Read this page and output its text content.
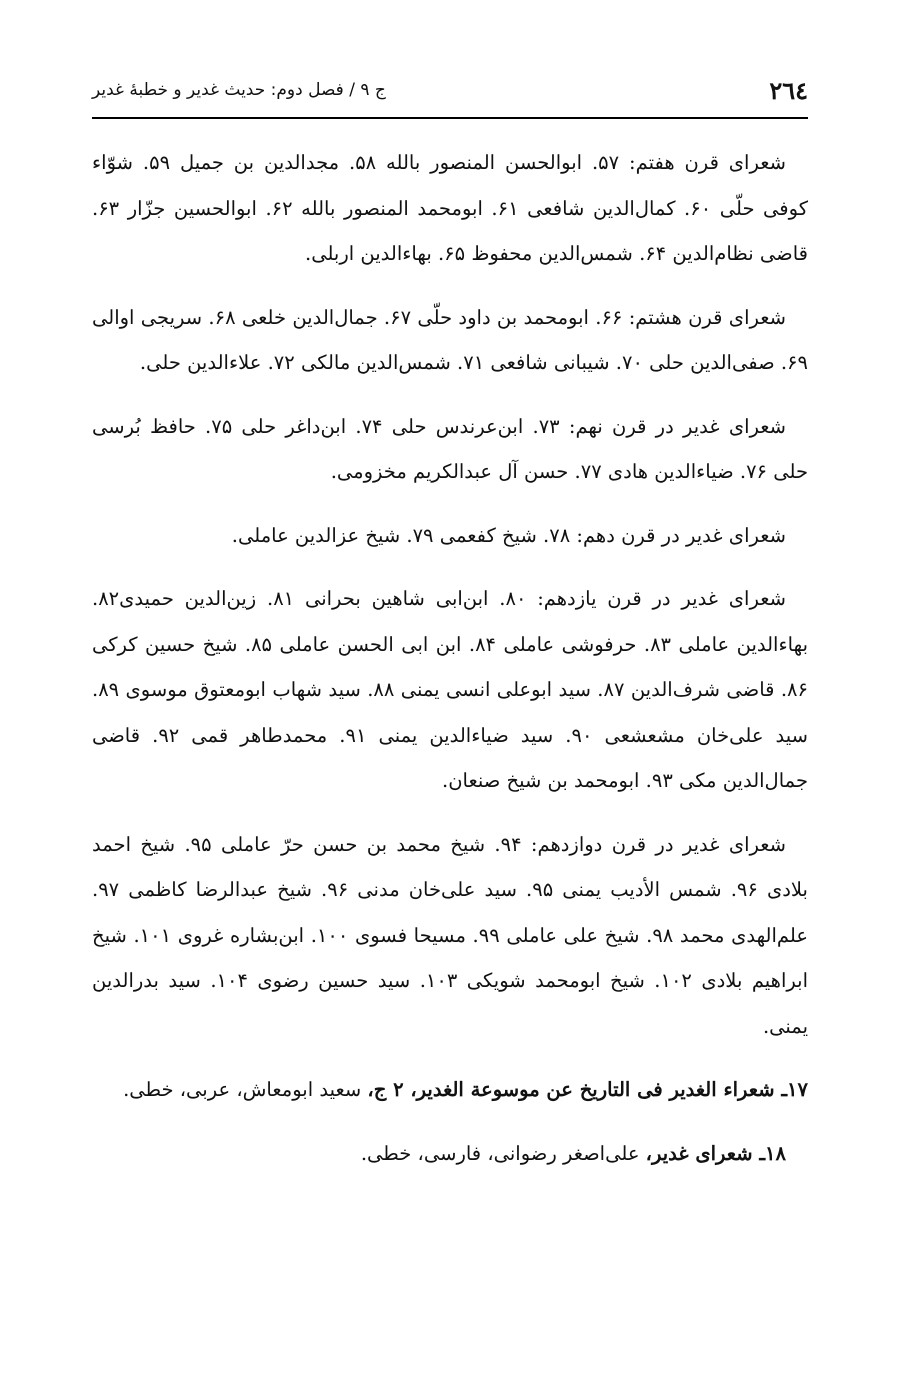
٢٦٤
ج ۹ / فصل دوم: حدیث غدیر و خطبهٔ غدیر

شعرای قرن هفتم: ۵۷. ابوالحسن المنصور بالله ۵۸. مجدالدین بن جمیل ۵۹. شوّاء کوفی حلّی ۶۰. کمال‌الدین شافعی ۶۱. ابومحمد المنصور بالله ۶۲. ابوالحسین جزّار ۶۳. قاضی نظام‌الدین ۶۴. شمس‌الدین محفوظ ۶۵. بهاءالدین اربلی.

شعرای قرن هشتم: ۶۶. ابومحمد بن داود حلّی ۶۷. جمال‌الدین خلعی ۶۸. سریجی اوالی ۶۹. صفی‌الدین حلی ۷۰. شیبانی شافعی ۷۱. شمس‌الدین مالکی ۷۲. علاءالدین حلی.

شعرای غدیر در قرن نهم: ۷۳. ابن‌عرندس حلی ۷۴. ابن‌داغر حلی ۷۵. حافظ بُرسی حلی ۷۶. ضیاءالدین هادی ۷۷. حسن آل عبدالکریم مخزومی.

شعرای غدیر در قرن دهم: ۷۸. شیخ کفعمی ۷۹. شیخ عزالدین عاملی.

شعرای غدیر در قرن یازدهم: ۸۰. ابن‌ابی شاهین بحرانی ۸۱. زین‌الدین حمیدی۸۲. بهاءالدین عاملی ۸۳. حرفوشی عاملی ۸۴. ابن ابی الحسن عاملی ۸۵. شیخ حسین کرکی ۸۶. قاضی شرف‌الدین ۸۷. سید ابوعلی انسی یمنی ۸۸. سید شهاب ابومعتوق موسوی ۸۹. سید علی‌خان مشعشعی ۹۰. سید ضیاءالدین یمنی ۹۱. محمدطاهر قمی ۹۲. قاضی جمال‌الدین مکی ۹۳. ابومحمد بن شیخ صنعان.

شعرای غدیر در قرن دوازدهم: ۹۴. شیخ محمد بن حسن حرّ عاملی ۹۵. شیخ احمد بلادی ۹۶. شمس الأدیب یمنی ۹۵. سید علی‌خان مدنی ۹۶. شیخ عبدالرضا کاظمی ۹۷. علم‌الهدی محمد ۹۸. شیخ علی عاملی ۹۹. مسیحا فسوی ۱۰۰. ابن‌بشاره غروی ۱۰۱. شیخ ابراهیم بلادی ۱۰۲. شیخ ابومحمد شویکی ۱۰۳. سید حسین رضوی ۱۰۴. سید بدرالدین یمنی.

۱۷ـ شعراء الغدیر فی التاریخ عن موسوعة الغدیر، ۲ ج، سعید ابومعاش، عربی، خطی.

۱۸ـ شعرای غدیر، علی‌اصغر رضوانی، فارسی، خطی.
